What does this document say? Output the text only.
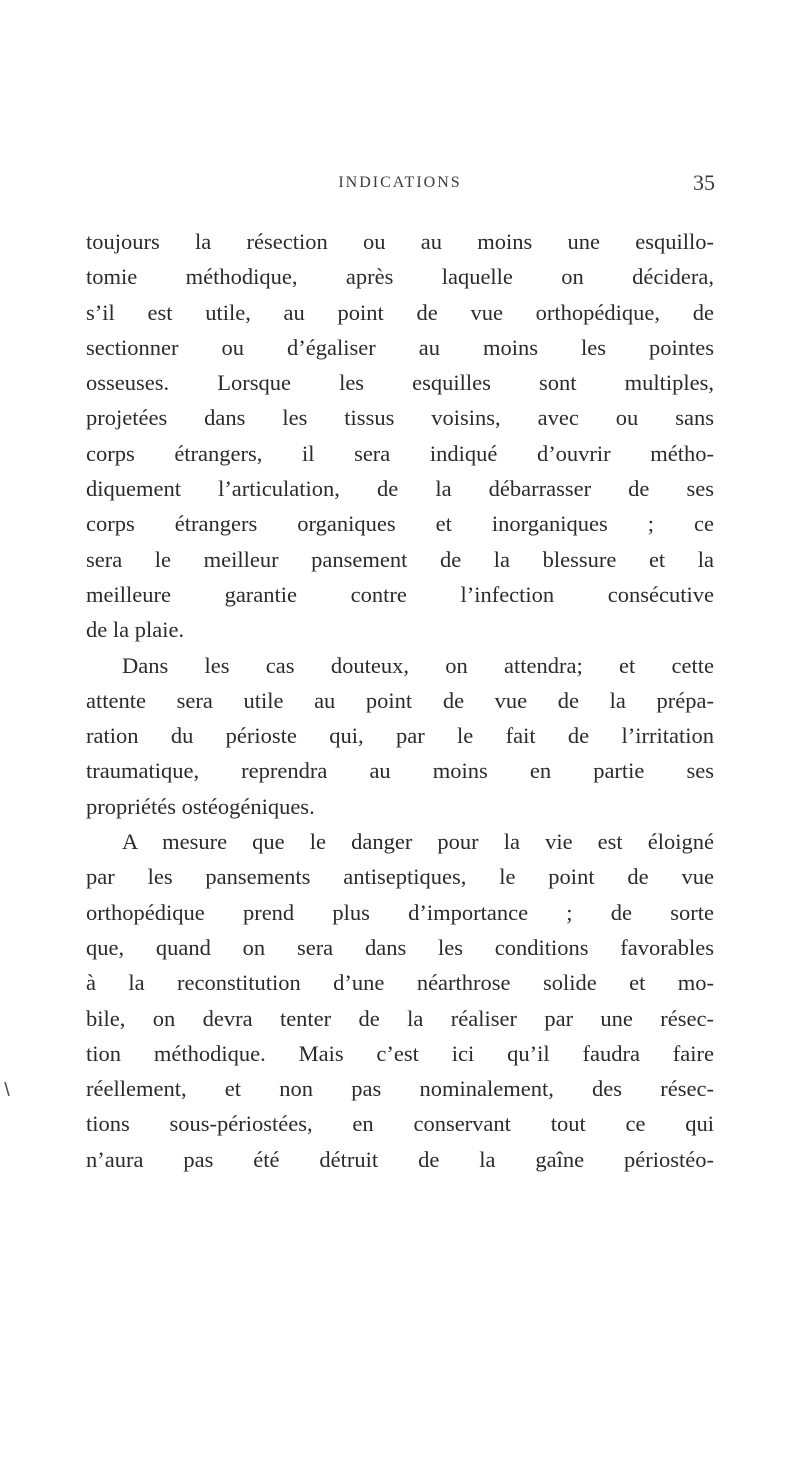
INDICATIONS	35
toujours la résection ou au moins une esquillo-
tomie méthodique, après laquelle on décidera,
s’il est utile, au point de vue orthopédique, de
sectionner ou d’égaliser au moins les pointes
osseuses. Lorsque les esquilles sont multiples,
projetées dans les tissus voisins, avec ou sans
corps étrangers, il sera indiqué d’ouvrir métho-
diquement l’articulation, de la débarrasser de ses
corps étrangers organiques et inorganiques ; ce
sera le meilleur pansement de la blessure et la
meilleure garantie contre l’infection consécutive
de la plaie.
Dans les cas douteux, on attendra; et cette
attente sera utile au point de vue de la prépa-
ration du périoste qui, par le fait de l’irritation
traumatique, reprendra au moins en partie ses
propriétés ostéogéniques.
A mesure que le danger pour la vie est éloigné
par les pansements antiseptiques, le point de vue
orthopédique prend plus d’importance ; de sorte
que, quand on sera dans les conditions favorables
à la reconstitution d’une néarthrose solide et mo-
bile, on devra tenter de la réaliser par une résec-
tion méthodique. Mais c’est ici qu’il faudra faire
réellement, et non pas nominalement, des résec-
tions sous-périostées, en conservant tout ce qui
n’aura pas été détruit de la gaîne périostéo-
